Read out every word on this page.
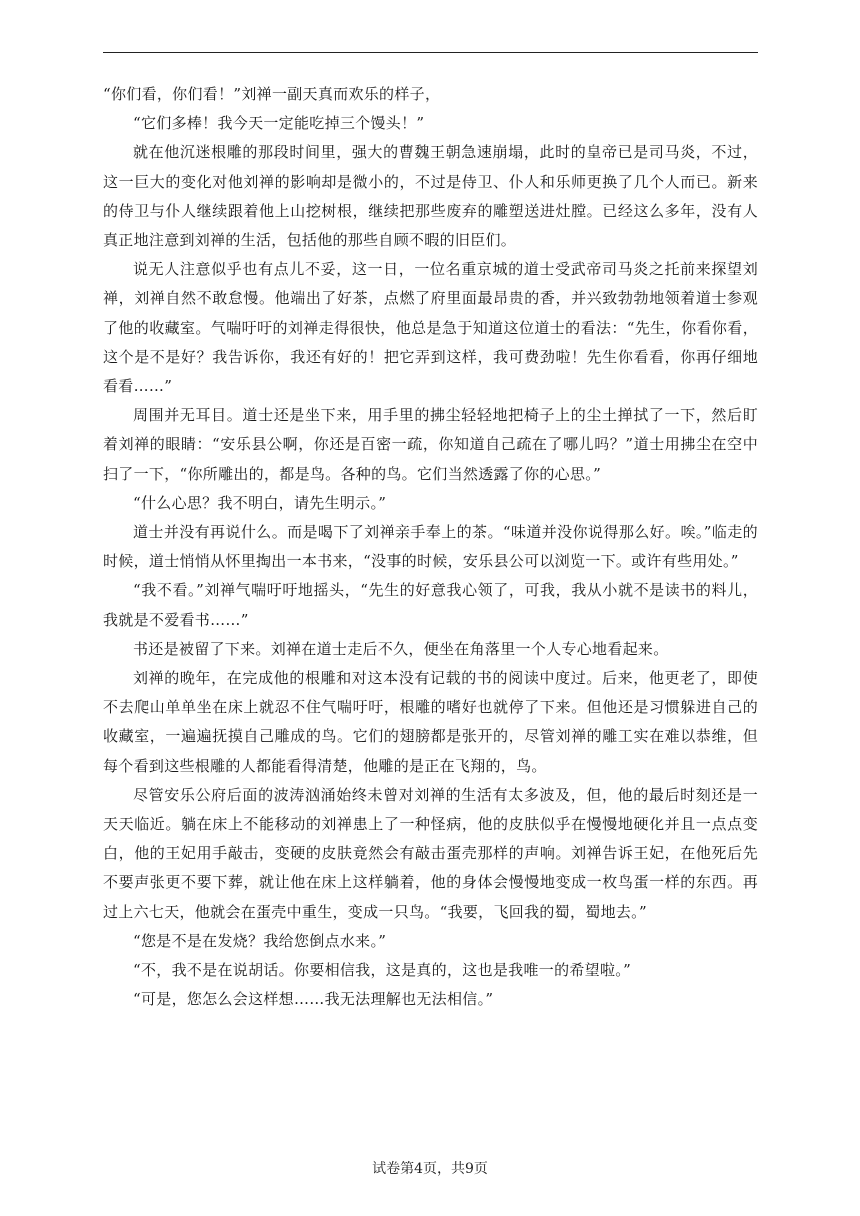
“你们看，你们看！”刘禅一副天真而欢乐的样子，

“它们多棒！我今天一定能吃掉三个馒头！”

就在他沉迷根雕的那段时间里，强大的曹魏王朝急速崩塌，此时的皇帝已是司马炎，不过，这一巨大的变化对他刘禅的影响却是微小的，不过是侍卫、仆人和乐师更换了几个人而已。新来的侍卫与仆人继续跟着他上山挖树根，继续把那些废弃的雕塑送进灶膛。已经这么多年，没有人真正地注意到刘禅的生活，包括他的那些自顾不暇的旧臣们。

说无人注意似乎也有点儿不妥，这一日，一位名重京城的道士受武帝司马炎之托前来探望刘禅，刘禅自然不敢怠慢。他端出了好茶，点燃了府里面最昂贵的香，并兴致勃勃地领着道士参观了他的收藏室。气喘吁吁的刘禅走得很快，他总是急于知道这位道士的看法：“先生，你看你看，这个是不是好？我告诉你，我还有好的！把它弄到这样，我可费劲啦！先生你看看，你再仔细地看看……”

周围并无耳目。道士还是坐下来，用手里的拂尘轻轻地把椅子上的尘土掸拭了一下，然后盯着刘禅的眼睛：“安乐县公啊，你还是百密一疏，你知道自己疏在了哪儿吗？”道士用拂尘在空中扫了一下，“你所雕出的，都是鸟。各种的鸟。它们当然透露了你的心思。”

“什么心思？我不明白，请先生明示。”

道士并没有再说什么。而是喝下了刘禅亲手奉上的茶。“味道并没你说得那么好。唉。”临走的时候，道士悄悄从怀里掏出一本书来，“没事的时候，安乐县公可以浏览一下。或许有些用处。”

“我不看。”刘禅气喘吁吁地摇头，“先生的好意我心领了，可我，我从小就不是读书的料儿，我就是不爱看书……”

书还是被留了下来。刘禅在道士走后不久，便坐在角落里一个人专心地看起来。

刘禅的晚年，在完成他的根雕和对这本没有记载的书的阅读中度过。后来，他更老了，即使不去爬山单单坐在床上就忍不住气喘吁吁，根雕的嗜好也就停了下来。但他还是习惯躲进自己的收藏室，一遍遍抚摸自己雕成的鸟。它们的翅膀都是张开的，尽管刘禅的雕工实在难以恭维，但每个看到这些根雕的人都能看得清楚，他雕的是正在飞翔的，鸟。

尽管安乐公府后面的波涛汹涌始终未曾对刘禅的生活有太多波及，但，他的最后时刻还是一天天临近。躺在床上不能移动的刘禅患上了一种怪病，他的皮肤似乎在慢慢地硬化并且一点点变白，他的王妃用手敲击，变硬的皮肤竟然会有敲击蛋壳那样的声响。刘禅告诉王妃，在他死后先不要声张更不要下葬，就让他在床上这样躺着，他的身体会慢慢地变成一枚鸟蛋一样的东西。再过上六七天，他就会在蛋壳中重生，变成一只鸟。“我要，飞回我的蜀，蜀地去。”

“您是不是在发烧？我给您倒点水来。”

“不，我不是在说胡话。你要相信我，这是真的，这也是我唯一的希望啦。”

“可是，您怎么会这样想……我无法理解也无法相信。”

试卷第4页，共9页
